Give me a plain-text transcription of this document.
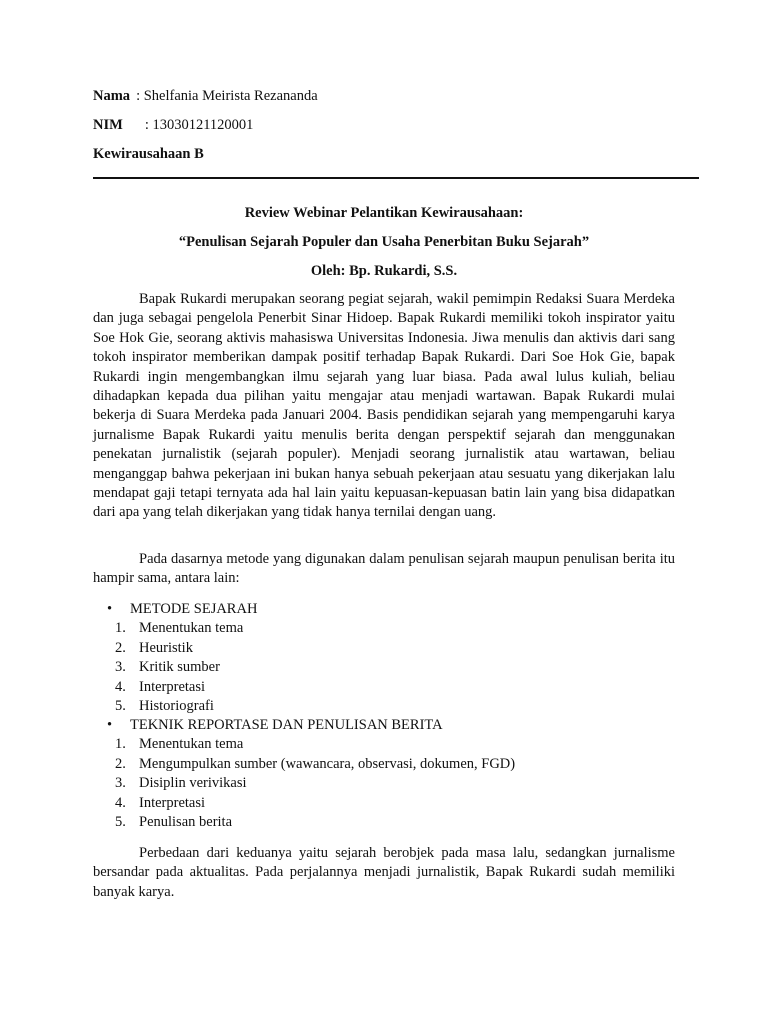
Nama : Shelfania Meirista Rezananda
NIM : 13030121120001
Kewirausahaan B
Review Webinar Pelantikan Kewirausahaan:
“Penulisan Sejarah Populer dan Usaha Penerbitan Buku Sejarah”
Oleh: Bp. Rukardi, S.S.

Bapak Rukardi merupakan seorang pegiat sejarah, wakil pemimpin Redaksi Suara Merdeka dan juga sebagai pengelola Penerbit Sinar Hidoep. Bapak Rukardi memiliki tokoh inspirator yaitu Soe Hok Gie, seorang aktivis mahasiswa Universitas Indonesia. Jiwa menulis dan aktivis dari sang tokoh inspirator memberikan dampak positif terhadap Bapak Rukardi. Dari Soe Hok Gie, bapak Rukardi ingin mengembangkan ilmu sejarah yang luar biasa. Pada awal lulus kuliah, beliau dihadapkan kepada dua pilihan yaitu mengajar atau menjadi wartawan. Bapak Rukardi mulai bekerja di Suara Merdeka pada Januari 2004. Basis pendidikan sejarah yang mempengaruhi karya jurnalisme Bapak Rukardi yaitu menulis berita dengan perspektif sejarah dan menggunakan penekatan jurnalistik (sejarah populer). Menjadi seorang jurnalistik atau wartawan, beliau menganggap bahwa pekerjaan ini bukan hanya sebuah pekerjaan atau sesuatu yang dikerjakan lalu mendapat gaji tetapi ternyata ada hal lain yaitu kepuasan-kepuasan batin lain yang bisa didapatkan dari apa yang telah dikerjakan yang tidak hanya ternilai dengan uang.

Pada dasarnya metode yang digunakan dalam penulisan sejarah maupun penulisan berita itu hampir sama, antara lain:

• METODE SEJARAH
1. Menentukan tema
2. Heuristik
3. Kritik sumber
4. Interpretasi
5. Historiografi
• TEKNIK REPORTASE DAN PENULISAN BERITA
1. Menentukan tema
2. Mengumpulkan sumber (wawancara, observasi, dokumen, FGD)
3. Disiplin verivikasi
4. Interpretasi
5. Penulisan berita

Perbedaan dari keduanya yaitu sejarah berobjek pada masa lalu, sedangkan jurnalisme bersandar pada aktualitas. Pada perjalannya menjadi jurnalistik, Bapak Rukardi sudah memiliki banyak karya.
